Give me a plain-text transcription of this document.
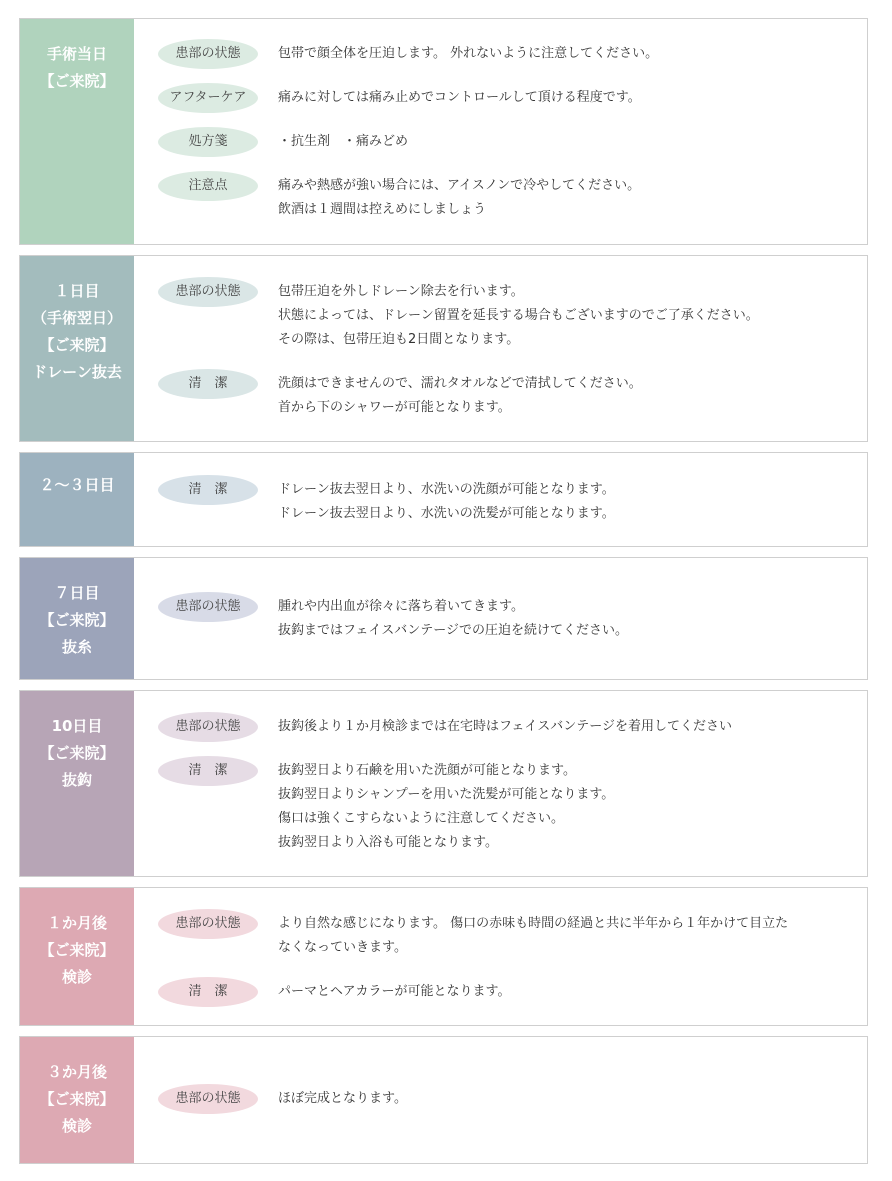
手術当日
【ご来院】
患部の状態	包帯で顔全体を圧迫します。 外れないように注意してください。
アフターケア	痛みに対しては痛み止めでコントロールして頂ける程度です。
処方箋	・抗生剤　・痛みどめ
注意点	痛みや熱感が強い場合には、アイスノンで冷やしてください。
飲酒は１週間は控えめにしましょう
１日目
（手術翌日）
【ご来院】
ドレーン抜去
患部の状態	包帯圧迫を外しドレーン除去を行います。
状態によっては、ドレーン留置を延長する場合もございますのでご了承ください。
その際は、包帯圧迫も2日間となります。
清　潔	洗顔はできませんので、濡れタオルなどで清拭してください。
首から下のシャワーが可能となります。
２～３日目	清　潔	ドレーン抜去翌日より、水洗いの洗顔が可能となります。
ドレーン抜去翌日より、水洗いの洗髪が可能となります。
７日目
【ご来院】
抜糸
患部の状態	腫れや内出血が徐々に落ち着いてきます。
抜鈎まではフェイスバンテージでの圧迫を続けてください。
10日目
【ご来院】
抜鈎
患部の状態	抜鈎後より１か月検診までは在宅時はフェイスバンテージを着用してください
清　潔	抜鈎翌日より石鹸を用いた洗顔が可能となります。
抜鈎翌日よりシャンプーを用いた洗髪が可能となります。
傷口は強くこすらないように注意してください。
抜鈎翌日より入浴も可能となります。
１か月後
【ご来院】
検診
患部の状態	より自然な感じになります。 傷口の赤味も時間の経過と共に半年から１年かけて目立た
なくなっていきます。
清　潔	パーマとヘアカラーが可能となります。
３か月後
【ご来院】
検診
患部の状態	ほぼ完成となります。
